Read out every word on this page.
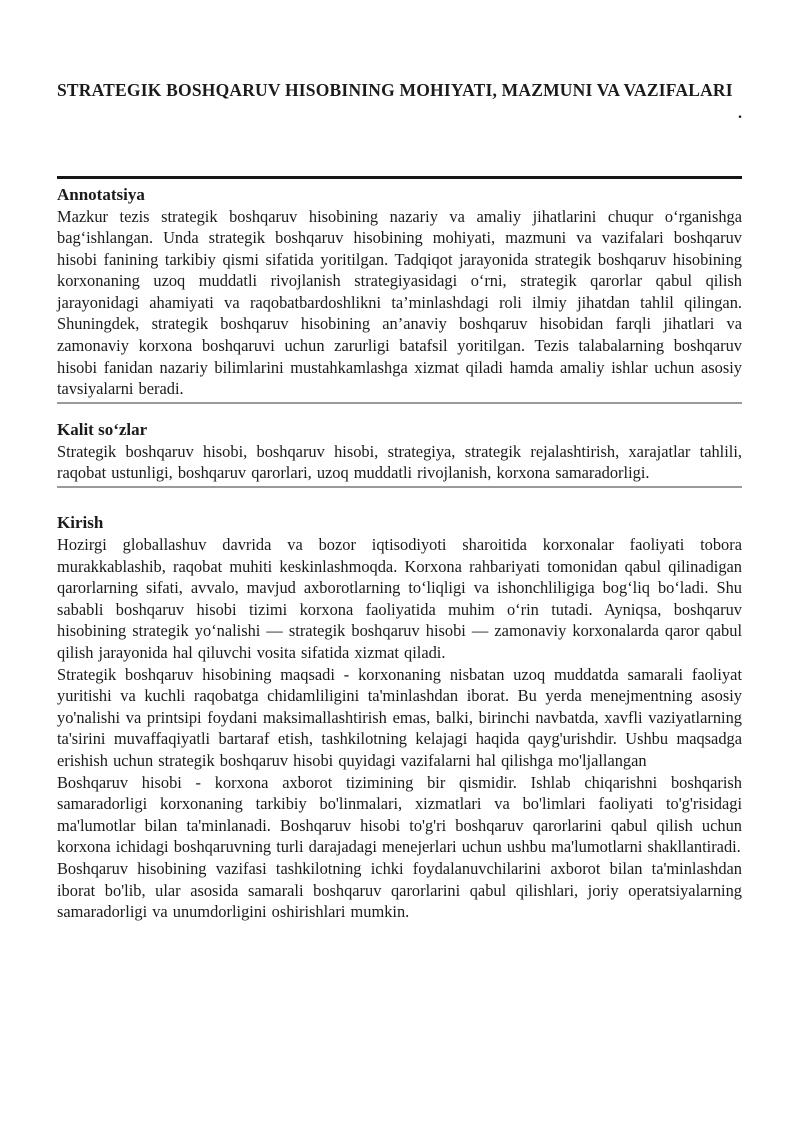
STRATEGIK BOSHQARUV HISOBINING MOHIYATI, MAZMUNI VA VAZIFALARI

.

Annotatsiya

Mazkur tezis strategik boshqaruv hisobining nazariy va amaliy jihatlarini chuqur oʻrganishga bagʻishlangan. Unda strategik boshqaruv hisobining mohiyati, mazmuni va vazifalari boshqaruv hisobi fanining tarkibiy qismi sifatida yoritilgan. Tadqiqot jarayonida strategik boshqaruv hisobining korxonaning uzoq muddatli rivojlanish strategiyasidagi oʻrni, strategik qarorlar qabul qilish jarayonidagi ahamiyati va raqobatbardoshlikni ta’minlashdagi roli ilmiy jihatdan tahlil qilingan. Shuningdek, strategik boshqaruv hisobining an’anaviy boshqaruv hisobidan farqli jihatlari va zamonaviy korxona boshqaruvi uchun zarurligi batafsil yoritilgan. Tezis talabalarning boshqaruv hisobi fanidan nazariy bilimlarini mustahkamlashga xizmat qiladi hamda amaliy ishlar uchun asosiy tavsiyalarni beradi.

Kalit soʻzlar

Strategik boshqaruv hisobi, boshqaruv hisobi, strategiya, strategik rejalashtirish, xarajatlar tahlili, raqobat ustunligi, boshqaruv qarorlari, uzoq muddatli rivojlanish, korxona samaradorligi.

Kirish

Hozirgi globallashuv davrida va bozor iqtisodiyoti sharoitida korxonalar faoliyati tobora murakkablashib, raqobat muhiti keskinlashmoqda. Korxona rahbariyati tomonidan qabul qilinadigan qarorlarning sifati, avvalo, mavjud axborotlarning toʻliqligi va ishonchliligiga bogʻliq boʻladi. Shu sababli boshqaruv hisobi tizimi korxona faoliyatida muhim oʻrin tutadi. Ayniqsa, boshqaruv hisobining strategik yoʻnalishi — strategik boshqaruv hisobi — zamonaviy korxonalarda qaror qabul qilish jarayonida hal qiluvchi vosita sifatida xizmat qiladi.

Strategik boshqaruv hisobining maqsadi - korxonaning nisbatan uzoq muddatda samarali faoliyat yuritishi va kuchli raqobatga chidamliligini ta'minlashdan iborat. Bu yerda menejmentning asosiy yo'nalishi va printsipi foydani maksimallashtirish emas, balki, birinchi navbatda, xavfli vaziyatlarning ta'sirini muvaffaqiyatli bartaraf etish, tashkilotning kelajagi haqida qayg'urishdir. Ushbu maqsadga erishish uchun strategik boshqaruv hisobi quyidagi vazifalarni hal qilishga mo'ljallangan

Boshqaruv hisobi - korxona axborot tizimining bir qismidir. Ishlab chiqarishni boshqarish samaradorligi korxonaning tarkibiy bo'linmalari, xizmatlari va bo'limlari faoliyati to'g'risidagi ma'lumotlar bilan ta'minlanadi. Boshqaruv hisobi to'g'ri boshqaruv qarorlarini qabul qilish uchun korxona ichidagi boshqaruvning turli darajadagi menejerlari uchun ushbu ma'lumotlarni shakllantiradi.

Boshqaruv hisobining vazifasi tashkilotning ichki foydalanuvchilarini axborot bilan ta'minlashdan iborat bo'lib, ular asosida samarali boshqaruv qarorlarini qabul qilishlari, joriy operatsiyalarning samaradorligi va unumdorligini oshirishlari mumkin.
